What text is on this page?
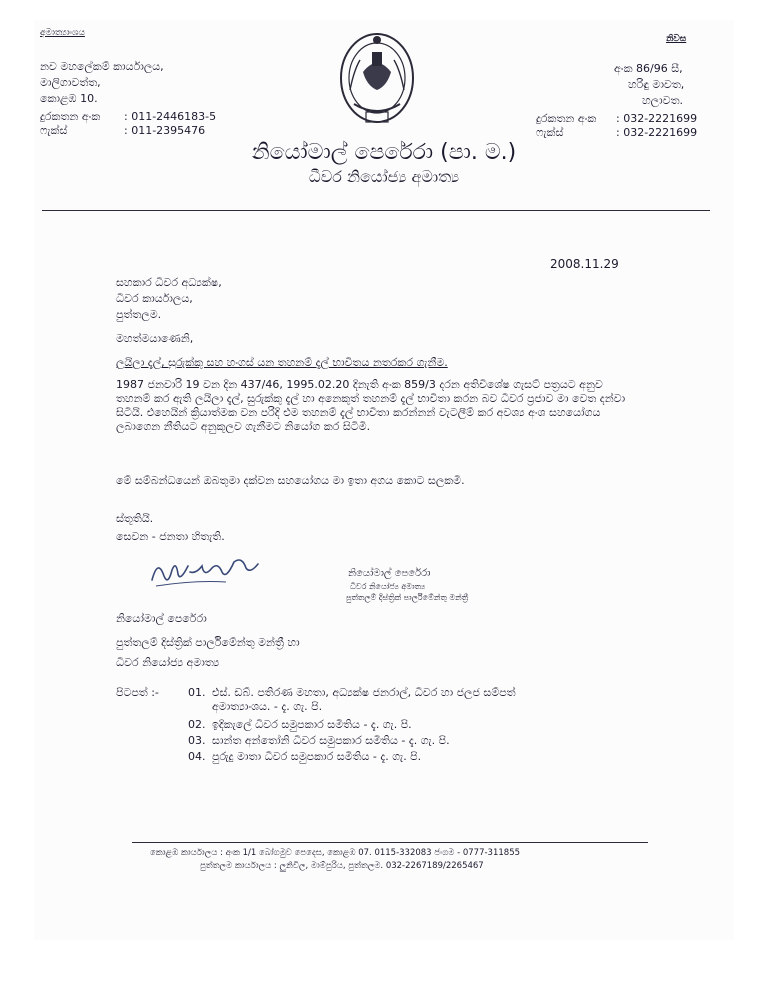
අමාත්‍යාංශය
නිවස
නව මහලේකම් කාර්යාලය,
මාලිගාවත්ත,
කොළඹ 10.
දුරකතන අංක : 011-2446183-5
ෆැක්ස්	: 011-2395476
අංක 86/96 සී,
හරිඳු මාවත,
හලාවත.
දුරකතන අංක : 032-2221699
ෆැක්ස්	: 032-2221699
නියෝමාල් පෙරේරා (පා. ම.)
ධීවර නියෝජ්‍ය අමාත්‍ය
2008.11.29
සහකාර ධීවර අධ්‍යක්ෂ,
ධීවර කාර්යාලය,
පුත්තලම.
මහත්මයාණෙනි,
ලයිලා දැල්, සුරුක්කු සහ හංගස් යන තහනම් දැල් භාවිතය නතරකර ගැනීම.
1987 ජනවාරි 19 වන දින 437/46, 1995.02.20 දිනැති අංක 859/3 දරන අතිවිශේෂ ගැසට් පත්‍රයට අනුව තහනම් කර ඇති ලයිලා දැල්, සුරුක්කු දැල් හා අනෙකුත් තහනම් දැල් භාවිතා කරන බව ධීවර ප්‍රජාව මා වෙත දන්වා සිටියි. එහෙයින් ක්‍රියාත්මක වන පරිදි එම තහනම් දැල් භාවිතා කරන්නන් වැටලීම් කර අවශ්‍ය අංශ සහයෝගය ලබාගෙන නීතියට අනුකූලව ගැනීමට නියෝග කර සිටිමි.
මේ සම්බන්ධයෙන් ඔබතුමා දක්වන සහයෝගය මා ඉතා අගය කොට සලකමි.
ස්තූතියි.
සෙවන - ජනතා හිතැති.
නියෝමාල් පෙරේරා
ධීවර නියෝජ්‍ය අමාත්‍ය
පුත්තලම් දිස්ත්‍රික් පාර්ලිමේන්තු මන්ත්‍රී
නියෝමාල් පෙරේරා
පුත්තලම් දිස්ත්‍රික් පාර්ලිමේන්තු මන්ත්‍රී හා
ධීවර නියෝජ්‍ය අමාත්‍ය
පිටපත් :-	01. එස්. ඩබ්. පතිරණ මහතා, අධ්‍යක්ෂ ජනරාල්, ධීවර හා ජලජ සම්පත් අමාත්‍යාංශය. - දැ. ගැ. පි.
02. ඉදිකැලේ ධීවර සමුපකාර සමිතිය - දැ. ගැ. පි.
03. සාන්ත අන්තෝනි ධීවර සමුපකාර සමිතිය - දැ. ගැ. පි.
04. පුරුදු මාතා ධීවර සමුපකාර සමිතිය - දැ. ගැ. පි.
කොළඹ කාර්යාලය : අංක 1/1 බෝගමුව පෙදෙස, කොළඹ 07. 0115-332083 ජංගම - 0777-311855
පුත්තලම කාර්යාලය : ලුනිවිල, මාම්පුරිය, පුත්තලම. 032-2267189/2265467
